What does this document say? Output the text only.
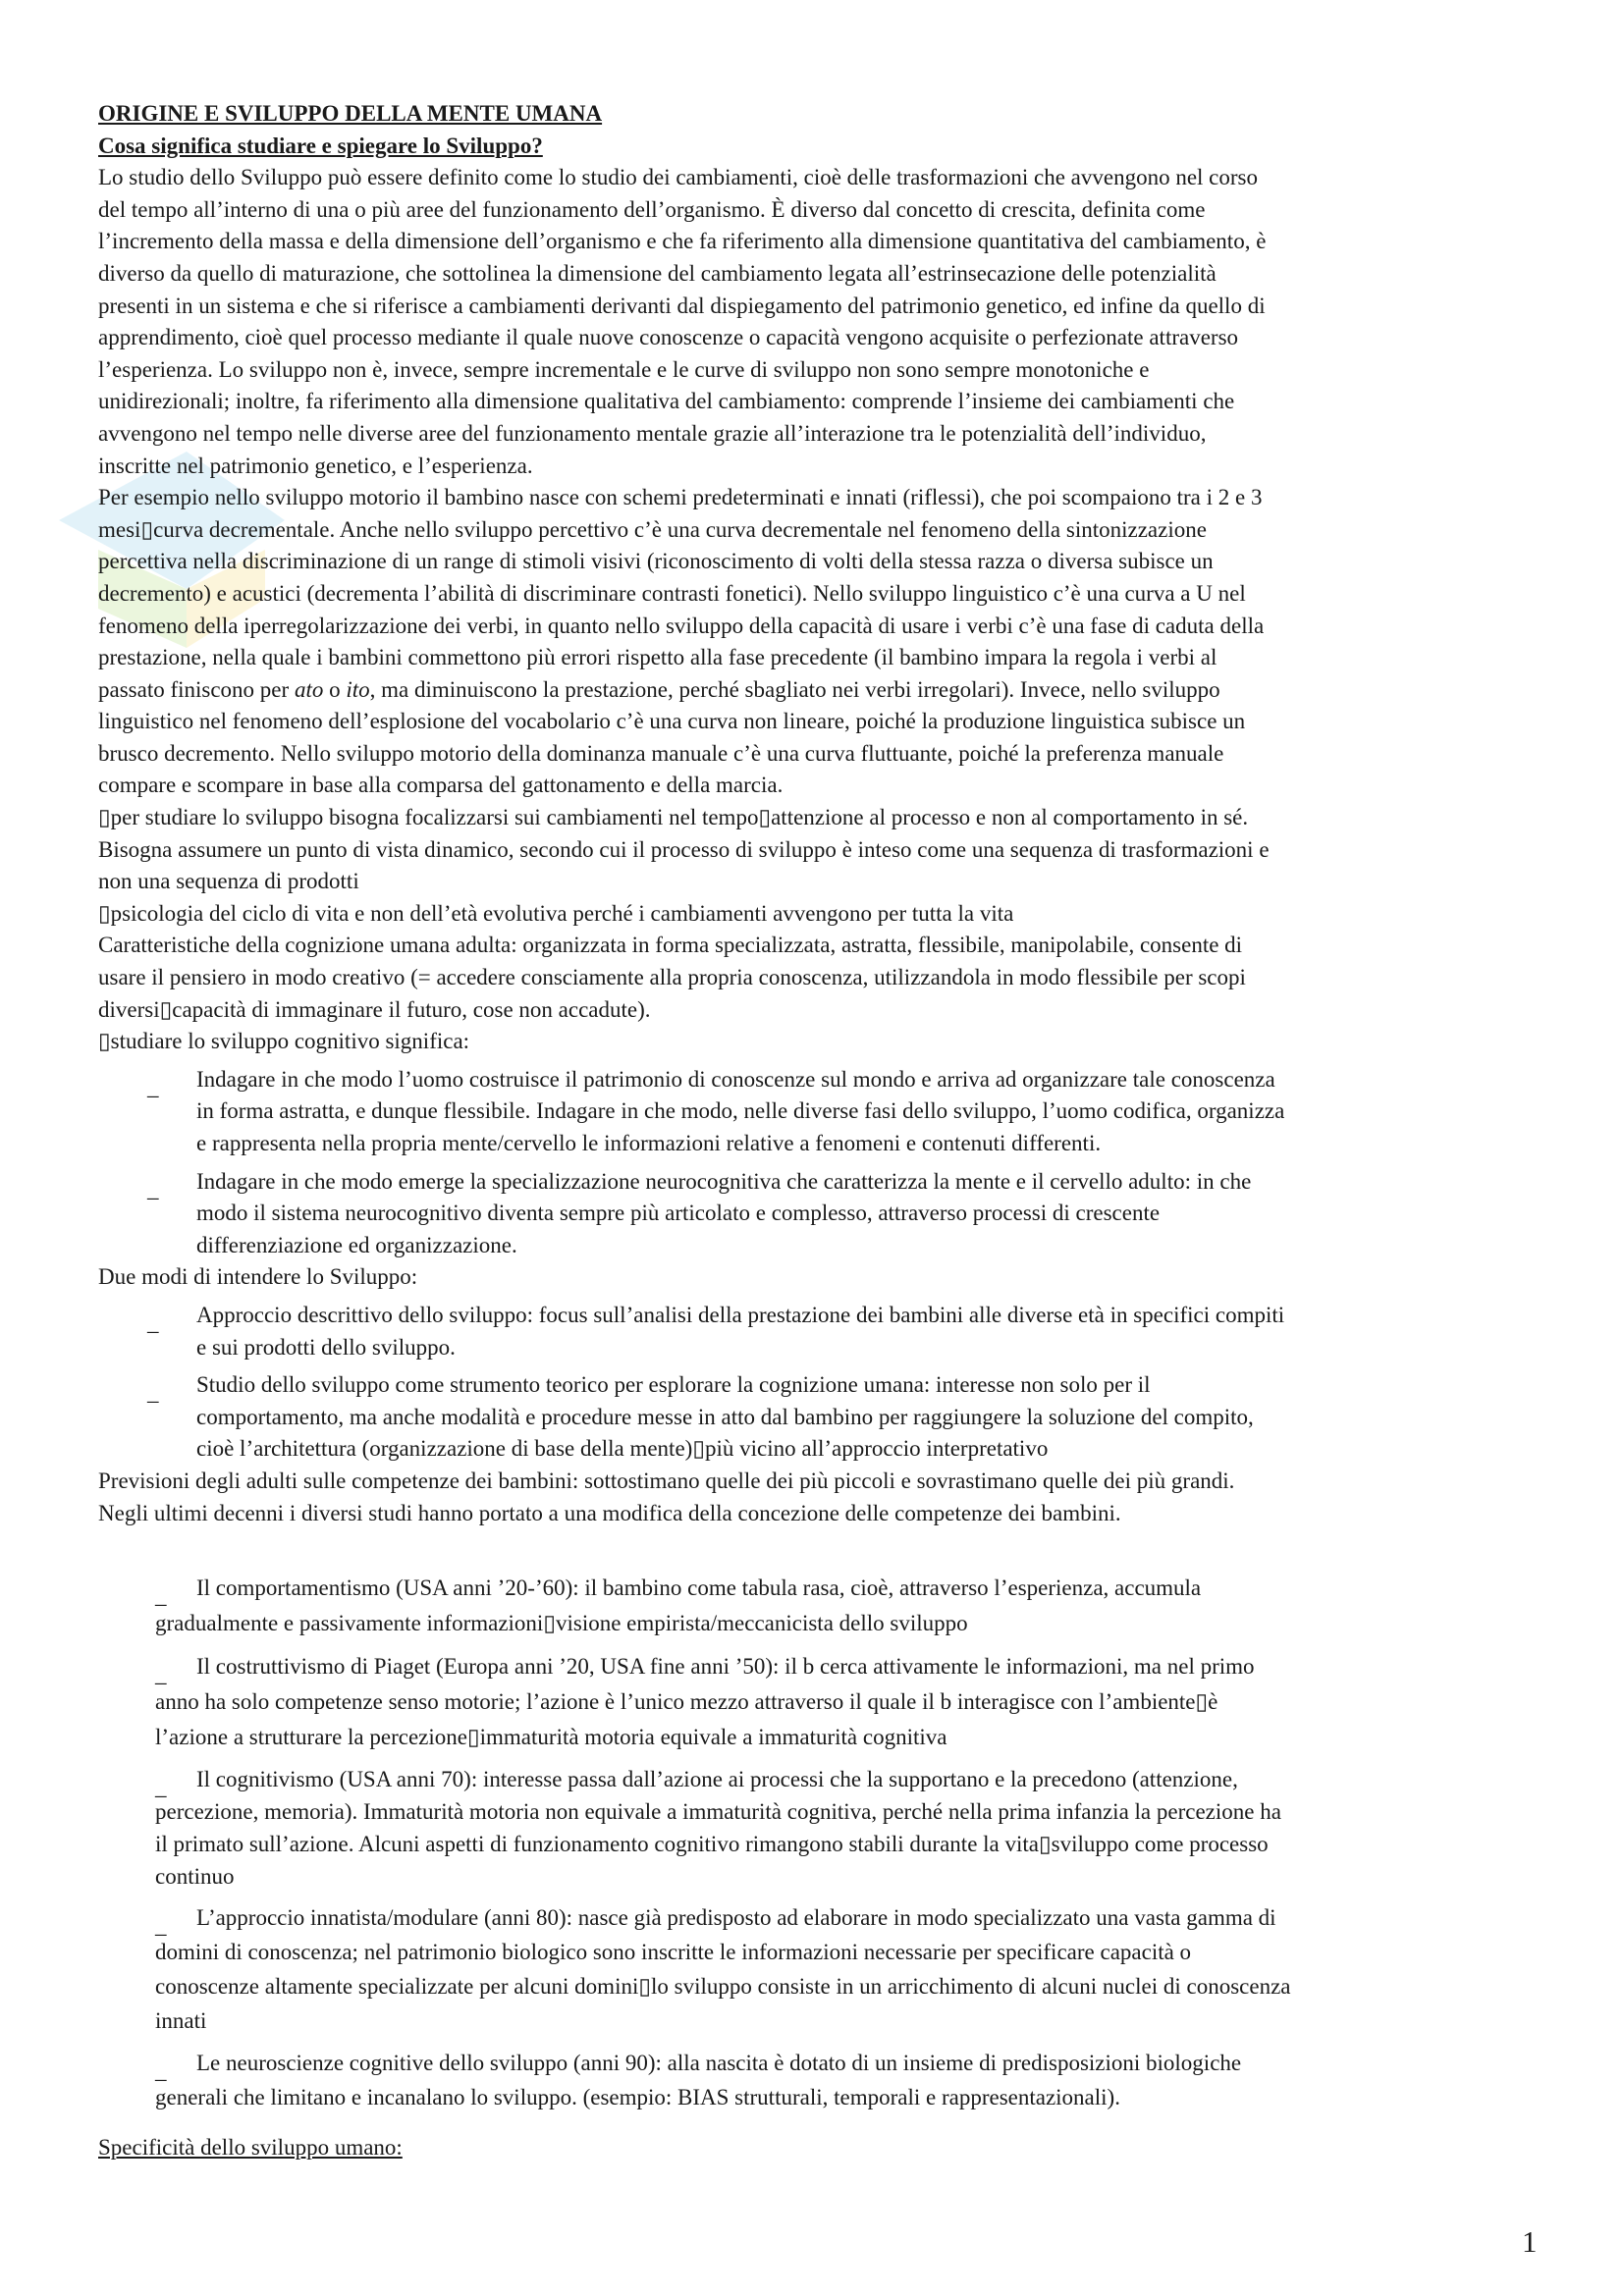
ORIGINE E SVILUPPO DELLA MENTE UMANA
Cosa significa studiare e spiegare lo Sviluppo?
Lo studio dello Sviluppo può essere definito come lo studio dei cambiamenti, cioè delle trasformazioni che avvengono nel corso
del tempo all’interno di una o più aree del funzionamento dell’organismo. È diverso dal concetto di crescita, definita come
l’incremento della massa e della dimensione dell’organismo e che fa riferimento alla dimensione quantitativa del cambiamento, è
diverso da quello di maturazione, che sottolinea la dimensione del cambiamento legata all’estrinsecazione delle potenzialità
presenti in un sistema e che si riferisce a cambiamenti derivanti dal dispiegamento del patrimonio genetico, ed infine da quello di
apprendimento, cioè quel processo mediante il quale nuove conoscenze o capacità vengono acquisite o perfezionate attraverso
l’esperienza. Lo sviluppo non è, invece, sempre incrementale e le curve di sviluppo non sono sempre monotoniche e
unidirezionali; inoltre, fa riferimento alla dimensione qualitativa del cambiamento: comprende l’insieme dei cambiamenti che
avvengono nel tempo nelle diverse aree del funzionamento mentale grazie all’interazione tra le potenzialità dell’individuo,
inscritte nel patrimonio genetico, e l’esperienza.
Per esempio nello sviluppo motorio il bambino nasce con schemi predeterminati e innati (riflessi), che poi scompaiono tra i 2 e 3
mesi▯curva decrementale. Anche nello sviluppo percettivo c’è una curva decrementale nel fenomeno della sintonizzazione
percettiva nella discriminazione di un range di stimoli visivi (riconoscimento di volti della stessa razza o diversa subisce un
decremento) e acustici (decrementa l’abilità di discriminare contrasti fonetici). Nello sviluppo linguistico c’è una curva a U nel
fenomeno della iperregolarizzazione dei verbi, in quanto nello sviluppo della capacità di usare i verbi c’è una fase di caduta della
prestazione, nella quale i bambini commettono più errori rispetto alla fase precedente (il bambino impara la regola i verbi al
passato finiscono per ato o ito, ma diminuiscono la prestazione, perché sbagliato nei verbi irregolari). Invece, nello sviluppo
linguistico nel fenomeno dell’esplosione del vocabolario c’è una curva non lineare, poiché la produzione linguistica subisce un
brusco decremento. Nello sviluppo motorio della dominanza manuale c’è una curva fluttuante, poiché la preferenza manuale
compare e scompare in base alla comparsa del gattonamento e della marcia.
▯per studiare lo sviluppo bisogna focalizzarsi sui cambiamenti nel tempo▯attenzione al processo e non al comportamento in sé.
Bisogna assumere un punto di vista dinamico, secondo cui il processo di sviluppo è inteso come una sequenza di trasformazioni e
non una sequenza di prodotti
▯psicologia del ciclo di vita e non dell’età evolutiva perché i cambiamenti avvengono per tutta la vita
Caratteristiche della cognizione umana adulta: organizzata in forma specializzata, astratta, flessibile, manipolabile, consente di
usare il pensiero in modo creativo (= accedere consciamente alla propria conoscenza, utilizzandola in modo flessibile per scopi
diversi▯capacità di immaginare il futuro, cose non accadute).
▯studiare lo sviluppo cognitivo significa:
_ Indagare in che modo l’uomo costruisce il patrimonio di conoscenze sul mondo e arriva ad organizzare tale conoscenza
in forma astratta, e dunque flessibile. Indagare in che modo, nelle diverse fasi dello sviluppo, l’uomo codifica, organizza
e rappresenta nella propria mente/cervello le informazioni relative a fenomeni e contenuti differenti.
_ Indagare in che modo emerge la specializzazione neurocognitiva che caratterizza la mente e il cervello adulto: in che
modo il sistema neurocognitivo diventa sempre più articolato e complesso, attraverso processi di crescente
differenziazione ed organizzazione.
Due modi di intendere lo Sviluppo:
_ Approccio descrittivo dello sviluppo: focus sull’analisi della prestazione dei bambini alle diverse età in specifici compiti
e sui prodotti dello sviluppo.
_ Studio dello sviluppo come strumento teorico per esplorare la cognizione umana: interesse non solo per il
comportamento, ma anche modalità e procedure messe in atto dal bambino per raggiungere la soluzione del compito,
cioè l’architettura (organizzazione di base della mente)▯più vicino all’approccio interpretativo
Previsioni degli adulti sulle competenze dei bambini: sottostimano quelle dei più piccoli e sovrastimano quelle dei più grandi.
Negli ultimi decenni i diversi studi hanno portato a una modifica della concezione delle competenze dei bambini.
_ Il comportamentismo (USA anni ’20-’60): il bambino come tabula rasa, cioè, attraverso l’esperienza, accumula
gradualmente e passivamente informazioni▯visione empirista/meccanicista dello sviluppo
_ Il costruttivismo di Piaget (Europa anni ’20, USA fine anni ’50): il b cerca attivamente le informazioni, ma nel primo
anno ha solo competenze senso motorie; l’azione è l’unico mezzo attraverso il quale il b interagisce con l’ambiente▯è
l’azione a strutturare la percezione▯immaturità motoria equivale a immaturità cognitiva
_ Il cognitivismo (USA anni 70): interesse passa dall’azione ai processi che la supportano e la precedono (attenzione,
percezione, memoria). Immaturità motoria non equivale a immaturità cognitiva, perché nella prima infanzia la percezione ha
il primato sull’azione. Alcuni aspetti di funzionamento cognitivo rimangono stabili durante la vita▯sviluppo come processo
continuo
_ L’approccio innatista/modulare (anni 80): nasce già predisposto ad elaborare in modo specializzato una vasta gamma di
domini di conoscenza; nel patrimonio biologico sono inscritte le informazioni necessarie per specificare capacità o
conoscenze altamente specializzate per alcuni domini▯lo sviluppo consiste in un arricchimento di alcuni nuclei di conoscenza
innati
_ Le neuroscienze cognitive dello sviluppo (anni 90): alla nascita è dotato di un insieme di predisposizioni biologiche
generali che limitano e incanalano lo sviluppo. (esempio: BIAS strutturali, temporali e rappresentazionali).
Specificità dello sviluppo umano:
1
